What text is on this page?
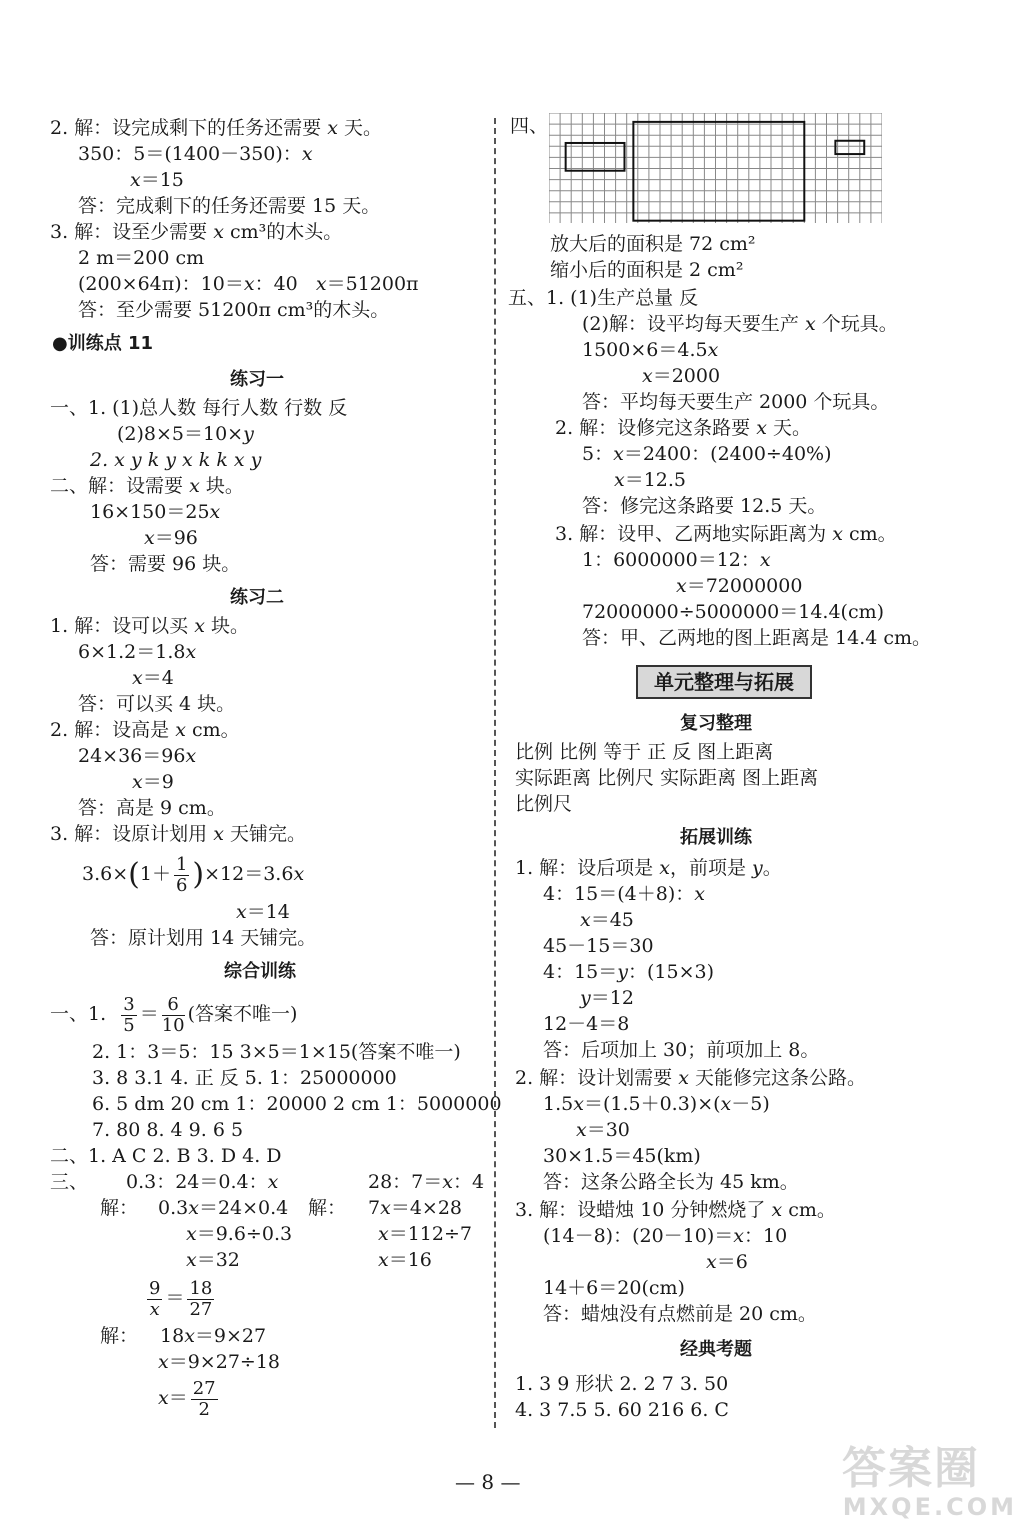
2. 解：设完成剩下的任务还需要 x 天。
350：5＝(1400－350)：x
x＝15
答：完成剩下的任务还需要 15 天。
3. 解：设至少需要 x cm³的木头。
2 m＝200 cm
(200×64π)：10＝x：40 x＝51200π
答：至少需要 51200π cm³的木头。
●训练点 11
练习一
一、1. (1)总人数 每行人数 行数 反
(2)8×5＝10×y
2. x y k y x k k x y
二、解：设需要 x 块。
16×150＝25x
x＝96
答：需要 96 块。
练习二
1. 解：设可以买 x 块。
6×1.2＝1.8x
x＝4
答：可以买 4 块。
2. 解：设高是 x cm。
24×36＝96x
x＝9
答：高是 9 cm。
3. 解：设原计划用 x 天铺完。
$3.6\times(1+ \frac{1}{6} )\times 12=3.6x$
x＝14
答：原计划用 14 天铺完。
综合训练
一、1. $\frac{3}{5} = \frac{6}{10}$ (答案不唯一)
2. 1：3＝5：15 3×5＝1×15(答案不唯一)
3. 8 3.1 4. 正 反 5. 1：25000000
6. 5 dm 20 cm 1：20000 2 cm 1：5000000
7. 80 8. 4 9. 6 5
二、1. A C 2. B 3. D 4. D
三、 0.3：24＝0.4：x	28：7＝x：4
解： 0.3x＝24×0.4
x＝9.6÷0.3
x＝32
解： 7x＝4×28
x＝112÷7
x＝16
$\frac{9}{x} = \frac{18}{27}$
解： 18x＝9×27
x＝9×27÷18
$x= \frac{27}{2}$
四、
放大后的面积是 72 cm²
缩小后的面积是 2 cm²
五、1. (1)生产总量 反
(2)解：设平均每天要生产 x 个玩具。
1500×6＝4.5x
x＝2000
答：平均每天要生产 2000 个玩具。
2. 解：设修完这条路要 x 天。
5：x＝2400：(2400÷40%)
x＝12.5
答：修完这条路要 12.5 天。
3. 解：设甲、乙两地实际距离为 x cm。
1：6000000＝12：x
x＝72000000
72000000÷5000000＝14.4(cm)
答：甲、乙两地的图上距离是 14.4 cm。
单元整理与拓展
复习整理
比例 比例 等于 正 反 图上距离
实际距离 比例尺 实际距离 图上距离
比例尺
拓展训练
1. 解：设后项是 x，前项是 y。
4：15＝(4＋8)：x
x＝45
45－15＝30
4：15＝y：(15×3)
y＝12
12－4＝8
答：后项加上 30；前项加上 8。
2. 解：设计划需要 x 天能修完这条公路。
1.5x＝(1.5＋0.3)×(x－5)
x＝30
30×1.5＝45(km)
答：这条公路全长为 45 km。
3. 解：设蜡烛 10 分钟燃烧了 x cm。
(14－8)：(20－10)＝x：10
x＝6
14＋6＝20(cm)
答：蜡烛没有点燃前是 20 cm。
经典考题
1. 3 9 形状 2. 2 7 3. 50
4. 3 7.5 5. 60 216 6. C
— 8 —	答案圈
MXQE.COM
